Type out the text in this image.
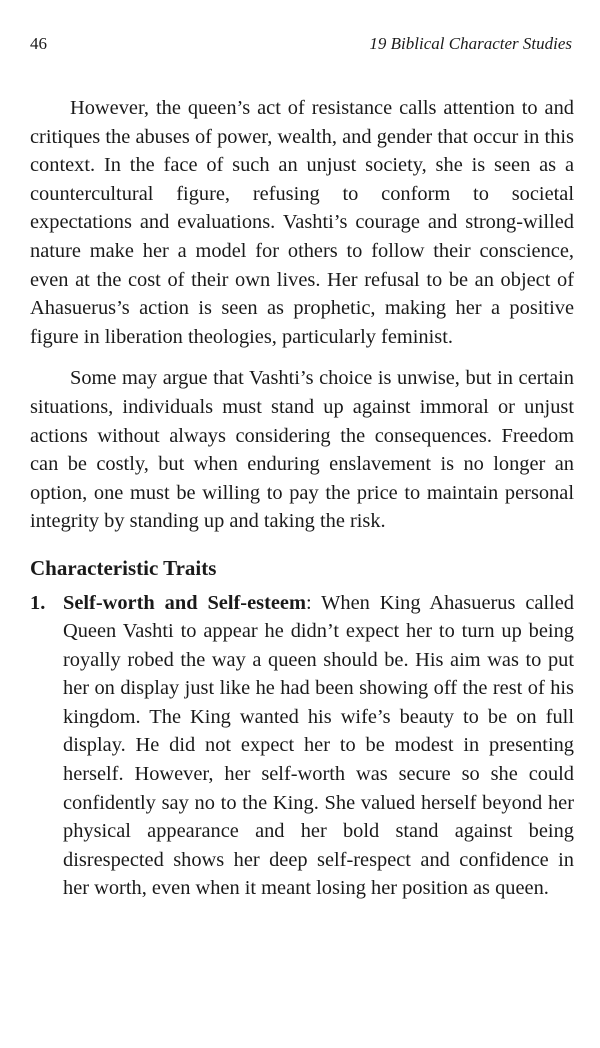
46	19 Biblical Character Studies

However, the queen’s act of resistance calls attention to and critiques the abuses of power, wealth, and gender that occur in this context. In the face of such an unjust society, she is seen as a countercultural figure, refusing to conform to societal expectations and evaluations. Vashti’s courage and strong-willed nature make her a model for others to follow their conscience, even at the cost of their own lives. Her refusal to be an object of Ahasuerus’s action is seen as prophetic, making her a positive figure in liberation theologies, particularly feminist.

Some may argue that Vashti’s choice is unwise, but in certain situations, individuals must stand up against immoral or unjust actions without always considering the consequences. Freedom can be costly, but when enduring enslavement is no longer an option, one must be willing to pay the price to maintain personal integrity by standing up and taking the risk.

Characteristic Traits
1. Self-worth and Self-esteem: When King Ahasuerus called Queen Vashti to appear he didn’t expect her to turn up being royally robed the way a queen should be. His aim was to put her on display just like he had been showing off the rest of his kingdom. The King wanted his wife’s beauty to be on full display. He did not expect her to be modest in presenting herself. However, her self-worth was secure so she could confidently say no to the King. She valued herself beyond her physical appearance and her bold stand against being disrespected shows her deep self-respect and confidence in her worth, even when it meant losing her position as queen.
